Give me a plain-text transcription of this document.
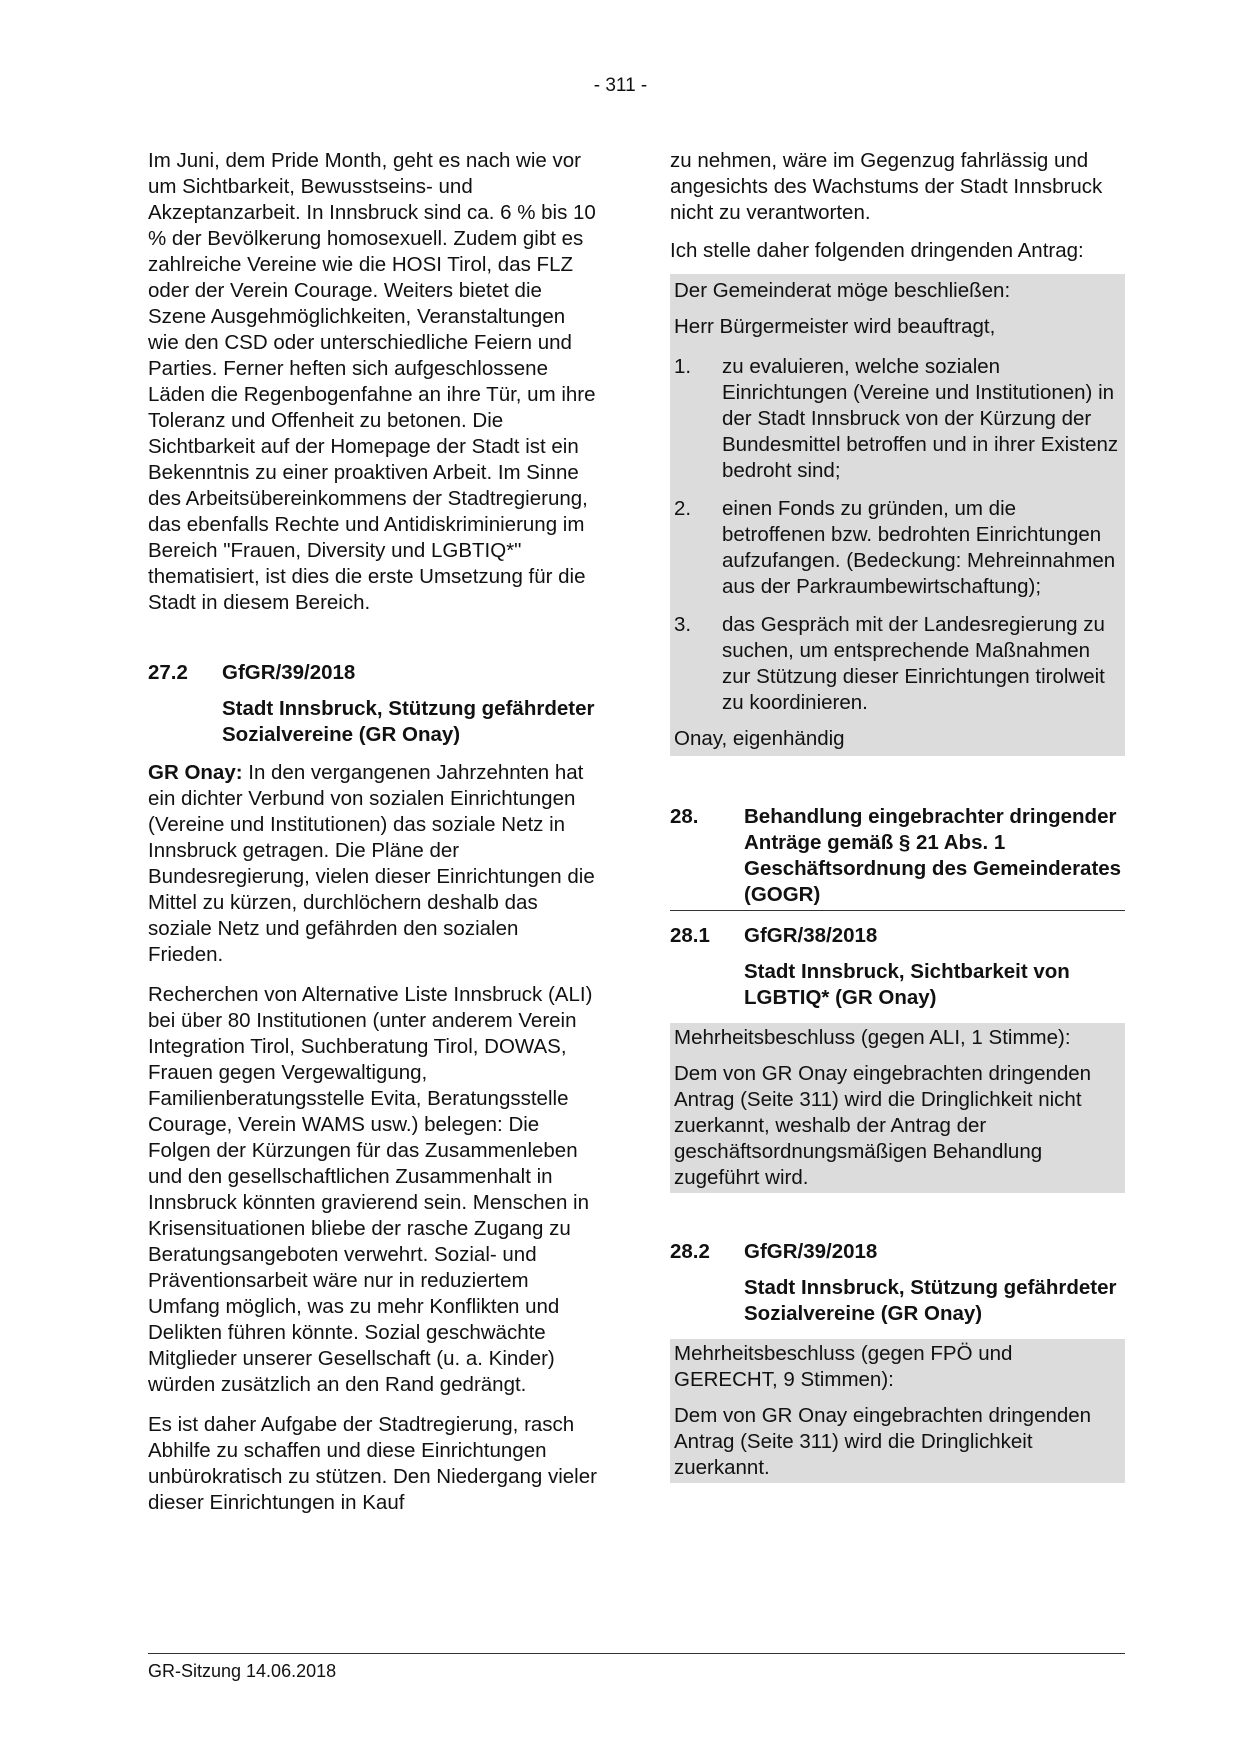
- 311 -

Im Juni, dem Pride Month, geht es nach wie vor um Sichtbarkeit, Bewusstseins- und Akzeptanzarbeit. In Innsbruck sind ca. 6 % bis 10 % der Bevölkerung homosexuell. Zudem gibt es zahlreiche Vereine wie die HOSI Tirol, das FLZ oder der Verein Courage. Weiters bietet die Szene Ausgehmöglichkeiten, Veranstaltungen wie den CSD oder unterschiedliche Feiern und Parties. Ferner heften sich aufgeschlossene Läden die Regenbogenfahne an ihre Tür, um ihre Toleranz und Offenheit zu betonen. Die Sichtbarkeit auf der Homepage der Stadt ist ein Bekenntnis zu einer proaktiven Arbeit. Im Sinne des Arbeitsübereinkommens der Stadtregierung, das ebenfalls Rechte und Antidiskriminierung im Bereich "Frauen, Diversity und LGBTIQ*" thematisiert, ist dies die erste Umsetzung für die Stadt in diesem Bereich.

27.2	GfGR/39/2018

Stadt Innsbruck, Stützung gefährdeter Sozialvereine (GR Onay)

GR Onay: In den vergangenen Jahrzehnten hat ein dichter Verbund von sozialen Einrichtungen (Vereine und Institutionen) das soziale Netz in Innsbruck getragen. Die Pläne der Bundesregierung, vielen dieser Einrichtungen die Mittel zu kürzen, durchlöchern deshalb das soziale Netz und gefährden den sozialen Frieden.

Recherchen von Alternative Liste Innsbruck (ALI) bei über 80 Institutionen (unter anderem Verein Integration Tirol, Suchberatung Tirol, DOWAS, Frauen gegen Vergewaltigung, Familienberatungsstelle Evita, Beratungsstelle Courage, Verein WAMS usw.) belegen: Die Folgen der Kürzungen für das Zusammenleben und den gesellschaftlichen Zusammenhalt in Innsbruck könnten gravierend sein. Menschen in Krisensituationen bliebe der rasche Zugang zu Beratungsangeboten verwehrt. Sozial- und Präventionsarbeit wäre nur in reduziertem Umfang möglich, was zu mehr Konflikten und Delikten führen könnte. Sozial geschwächte Mitglieder unserer Gesellschaft (u. a. Kinder) würden zusätzlich an den Rand gedrängt.

Es ist daher Aufgabe der Stadtregierung, rasch Abhilfe zu schaffen und diese Einrichtungen unbürokratisch zu stützen. Den Niedergang vieler dieser Einrichtungen in Kauf

zu nehmen, wäre im Gegenzug fahrlässig und angesichts des Wachstums der Stadt Innsbruck nicht zu verantworten.

Ich stelle daher folgenden dringenden Antrag:

Der Gemeinderat möge beschließen:

Herr Bürgermeister wird beauftragt,

1.	zu evaluieren, welche sozialen Einrichtungen (Vereine und Institutionen) in der Stadt Innsbruck von der Kürzung der Bundesmittel betroffen und in ihrer Existenz bedroht sind;
2.	einen Fonds zu gründen, um die betroffenen bzw. bedrohten Einrichtungen aufzufangen. (Bedeckung: Mehreinnahmen aus der Parkraumbewirtschaftung);
3.	das Gespräch mit der Landesregierung zu suchen, um entsprechende Maßnahmen zur Stützung dieser Einrichtungen tirolweit zu koordinieren.

Onay, eigenhändig

28.	Behandlung eingebrachter dringender Anträge gemäß § 21 Abs. 1 Geschäftsordnung des Gemeinderates (GOGR)
28.1	GfGR/38/2018

Stadt Innsbruck, Sichtbarkeit von LGBTIQ* (GR Onay)

Mehrheitsbeschluss (gegen ALI, 1 Stimme):

Dem von GR Onay eingebrachten dringenden Antrag (Seite 311) wird die Dringlichkeit nicht zuerkannt, weshalb der Antrag der geschäftsordnungsmäßigen Behandlung zugeführt wird.

28.2	GfGR/39/2018

Stadt Innsbruck, Stützung gefährdeter Sozialvereine (GR Onay)

Mehrheitsbeschluss (gegen FPÖ und GERECHT, 9 Stimmen):

Dem von GR Onay eingebrachten dringenden Antrag (Seite 311) wird die Dringlichkeit zuerkannt.

GR-Sitzung 14.06.2018
